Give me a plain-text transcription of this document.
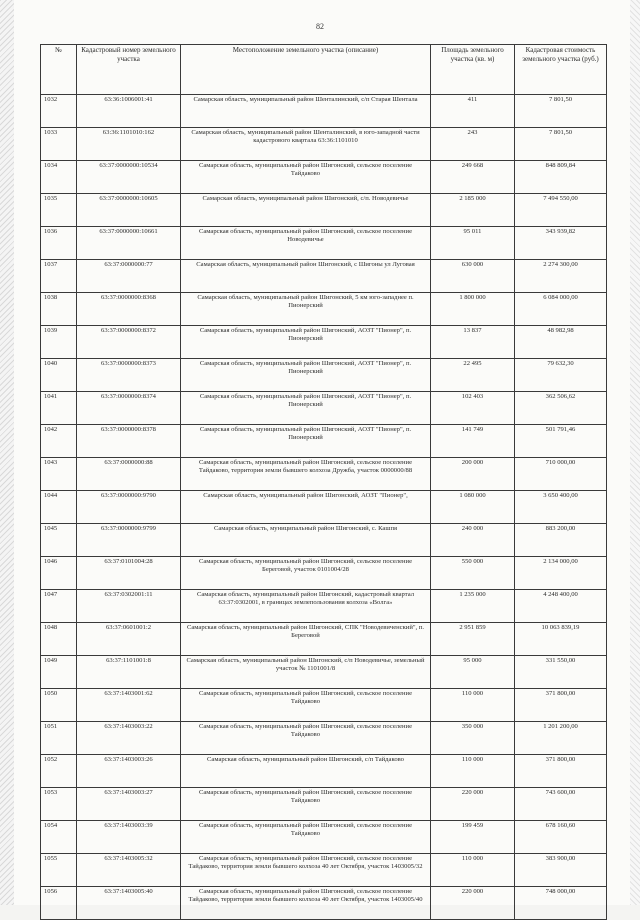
82
№	Кадастровый номер земельного участка	Местоположение земельного участка (описание)	Площадь земельного участка (кв. м)	Кадастровая стоимость земельного участка (руб.)
1032	63:36:1006001:41	Самарская область, муниципальный район Шенталинский, с/п Старая Шентала	411	7 801,50
1033	63:36:1101010:162	Самарская область, муниципальный район Шенталинский, в юго-западной части кадастрового квартала 63:36:1101010	243	7 801,50
1034	63:37:0000000:10534	Самарская область, муниципальный район Шигонский, сельское поселение Тайдаково	249 668	848 809,84
1035	63:37:0000000:10605	Самарская область, муниципальный район Шигонский, с/п. Новодевичье	2 185 000	7 494 550,00
1036	63:37:0000000:10661	Самарская область, муниципальный район Шигонский, сельское поселение Новодевичье	95 011	343 939,82
1037	63:37:0000000:77	Самарская область, муниципальный район Шигонский, с Шигоны ул Луговая	630 000	2 274 300,00
1038	63:37:0000000:8368	Самарская область, муниципальный район Шигонский, 5 км юго-западнее п. Пионерский	1 800 000	6 084 000,00
1039	63:37:0000000:8372	Самарская область, муниципальный район Шигонский, АОЗТ "Пионер", п. Пионерский	13 837	48 982,98
1040	63:37:0000000:8373	Самарская область, муниципальный район Шигонский, АОЗТ "Пионер", п. Пионерский	22 495	79 632,30
1041	63:37:0000000:8374	Самарская область, муниципальный район Шигонский, АОЗТ "Пионер", п. Пионерский	102 403	362 506,62
1042	63:37:0000000:8378	Самарская область, муниципальный район Шигонский, АОЗТ "Пионер", п. Пионерский	141 749	501 791,46
1043	63:37:0000000:88	Самарская область, муниципальный район Шигонский, сельское поселение Тайдаково, территория земли бывшего колхоза Дружба, участок 0000000/88	200 000	710 000,00
1044	63:37:0000000:9790	Самарская область, муниципальный район Шигонский, АОЗТ "Пионер",	1 080 000	3 650 400,00
1045	63:37:0000000:9799	Самарская область, муниципальный район Шигонский, с. Кашпя	240 000	883 200,00
1046	63:37:0101004:28	Самарская область, муниципальный район Шигонский, сельское поселение Береговой, участок 0101004/28	550 000	2 134 000,00
1047	63:37:0302001:11	Самарская область, муниципальный район Шигонский, кадастровый квартал 63:37:0302001, в границах землепользования колхоза «Волга»	1 235 000	4 248 400,00
1048	63:37:0601001:2	Самарская область, муниципальный район Шигонский, СПК "Новодевиченский", п. Береговой	2 951 859	10 063 839,19
1049	63:37:1101001:8	Самарская область, муниципальный район Шигонский, с/п Новодевичье, земельный участок № 1101001/8	95 000	331 550,00
1050	63:37:1403001:62	Самарская область, муниципальный район Шигонский, сельское поселение Тайдаково	110 000	371 800,00
1051	63:37:1403003:22	Самарская область, муниципальный район Шигонский, сельское поселение Тайдаково	350 000	1 201 200,00
1052	63:37:1403003:26	Самарская область, муниципальный район Шигонский, с/п Тайдаково	110 000	371 800,00
1053	63:37:1403003:27	Самарская область, муниципальный район Шигонский, сельское поселение Тайдаково	220 000	743 600,00
1054	63:37:1403003:39	Самарская область, муниципальный район Шигонский, сельское поселение Тайдаково	199 459	678 160,60
1055	63:37:1403005:32	Самарская область, муниципальный район Шигонский, сельское поселение Тайдаково, территория земли бывшего колхоза 40 лет Октября, участок 1403005/32	110 000	383 900,00
1056	63:37:1403005:40	Самарская область, муниципальный район Шигонский, сельское поселение Тайдаково, территория земли бывшего колхоза 40 лет Октября, участок 1403005/40	220 000	748 000,00
